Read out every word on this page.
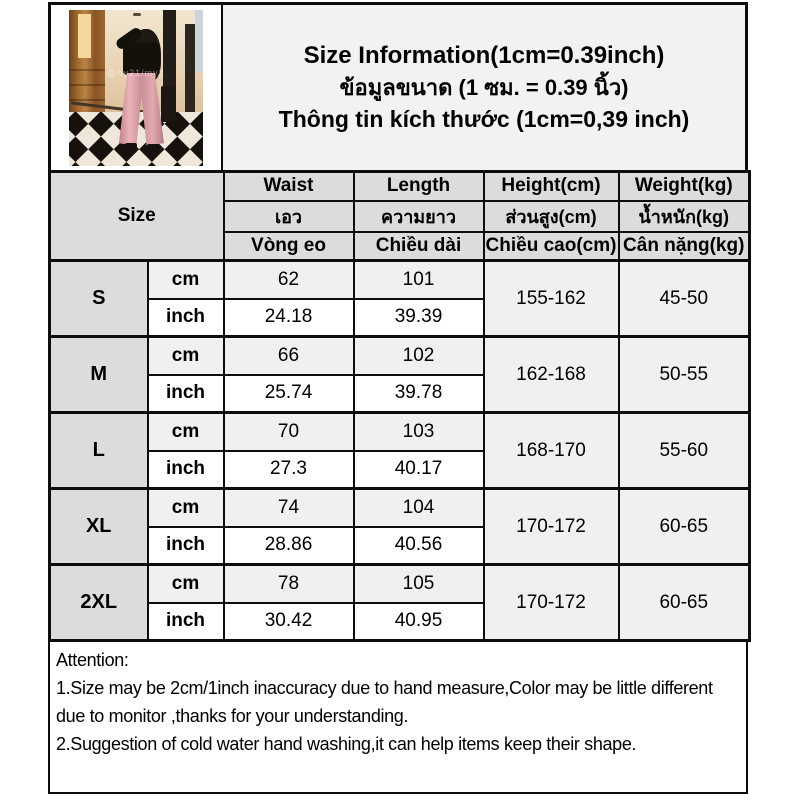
@hy21/my2
Size Information(1cm=0.39inch)
ข้อมูลขนาด (1 ซม. = 0.39 นิ้ว)
Thông tin kích thước (1cm=0,39 inch)
Size		Waist	Length	Height(cm)	Weight(kg)
		เอว	ความยาว	ส่วนสูง(cm)	น้ำหนัก(kg)
		Vòng eo	Chiều dài	Chiều cao(cm)	Cân nặng(kg)
S	cm	62	101	155-162	45-50
	inch	24.18	39.39		
M	cm	66	102	162-168	50-55
	inch	25.74	39.78		
L	cm	70	103	168-170	55-60
	inch	27.3	40.17		
XL	cm	74	104	170-172	60-65
	inch	28.86	40.56		
2XL	cm	78	105	170-172	60-65
	inch	30.42	40.95		
Attention:
1.Size may be 2cm/1inch inaccuracy due to hand measure,Color may be little different due to monitor ,thanks for your understanding.
2.Suggestion of cold water hand washing,it can help items keep their shape.
